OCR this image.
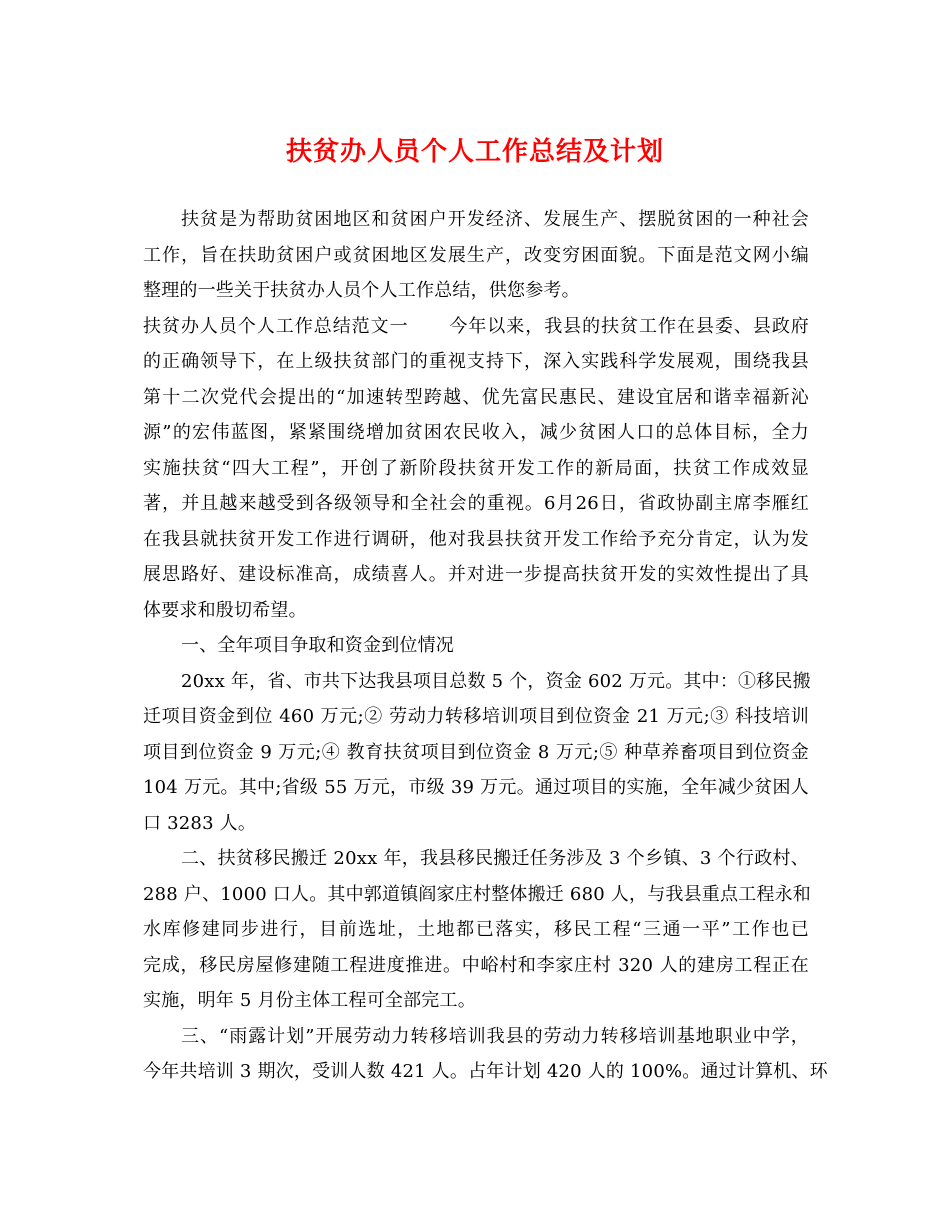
扶贫办人员个人工作总结及计划
扶贫是为帮助贫困地区和贫困户开发经济、发展生产、摆脱贫困的一种社会
工作，旨在扶助贫困户或贫困地区发展生产，改变穷困面貌。下面是范文网小编
整理的一些关于扶贫办人员个人工作总结，供您参考。
扶贫办人员个人工作总结范文一 今年以来，我县的扶贫工作在县委、县政府
的正确领导下，在上级扶贫部门的重视支持下，深入实践科学发展观，围绕我县
第十二次党代会提出的“加速转型跨越、优先富民惠民、建设宜居和谐幸福新沁
源”的宏伟蓝图，紧紧围绕增加贫困农民收入，减少贫困人口的总体目标，全力
实施扶贫“四大工程”，开创了新阶段扶贫开发工作的新局面，扶贫工作成效显
著，并且越来越受到各级领导和全社会的重视。6月26日，省政协副主席李雁红
在我县就扶贫开发工作进行调研，他对我县扶贫开发工作给予充分肯定，认为发
展思路好、建设标准高，成绩喜人。并对进一步提高扶贫开发的实效性提出了具
体要求和殷切希望。
一、全年项目争取和资金到位情况
20xx 年，省、市共下达我县项目总数 5 个，资金 602 万元。其中：①移民搬
迁项目资金到位 460 万元;② 劳动力转移培训项目到位资金 21 万元;③ 科技培训
项目到位资金 9 万元;④ 教育扶贫项目到位资金 8 万元;⑤ 种草养畜项目到位资金
104 万元。其中;省级 55 万元，市级 39 万元。通过项目的实施，全年减少贫困人
口 3283 人。
二、扶贫移民搬迁 20xx 年，我县移民搬迁任务涉及 3 个乡镇、3 个行政村、
288 户、1000 口人。其中郭道镇阎家庄村整体搬迁 680 人，与我县重点工程永和
水库修建同步进行，目前选址，土地都已落实，移民工程“三通一平”工作也已
完成，移民房屋修建随工程进度推进。中峪村和李家庄村 320 人的建房工程正在
实施，明年 5 月份主体工程可全部完工。
三、“雨露计划”开展劳动力转移培训我县的劳动力转移培训基地职业中学，
今年共培训 3 期次，受训人数 421 人。占年计划 420 人的 100%。通过计算机、环
